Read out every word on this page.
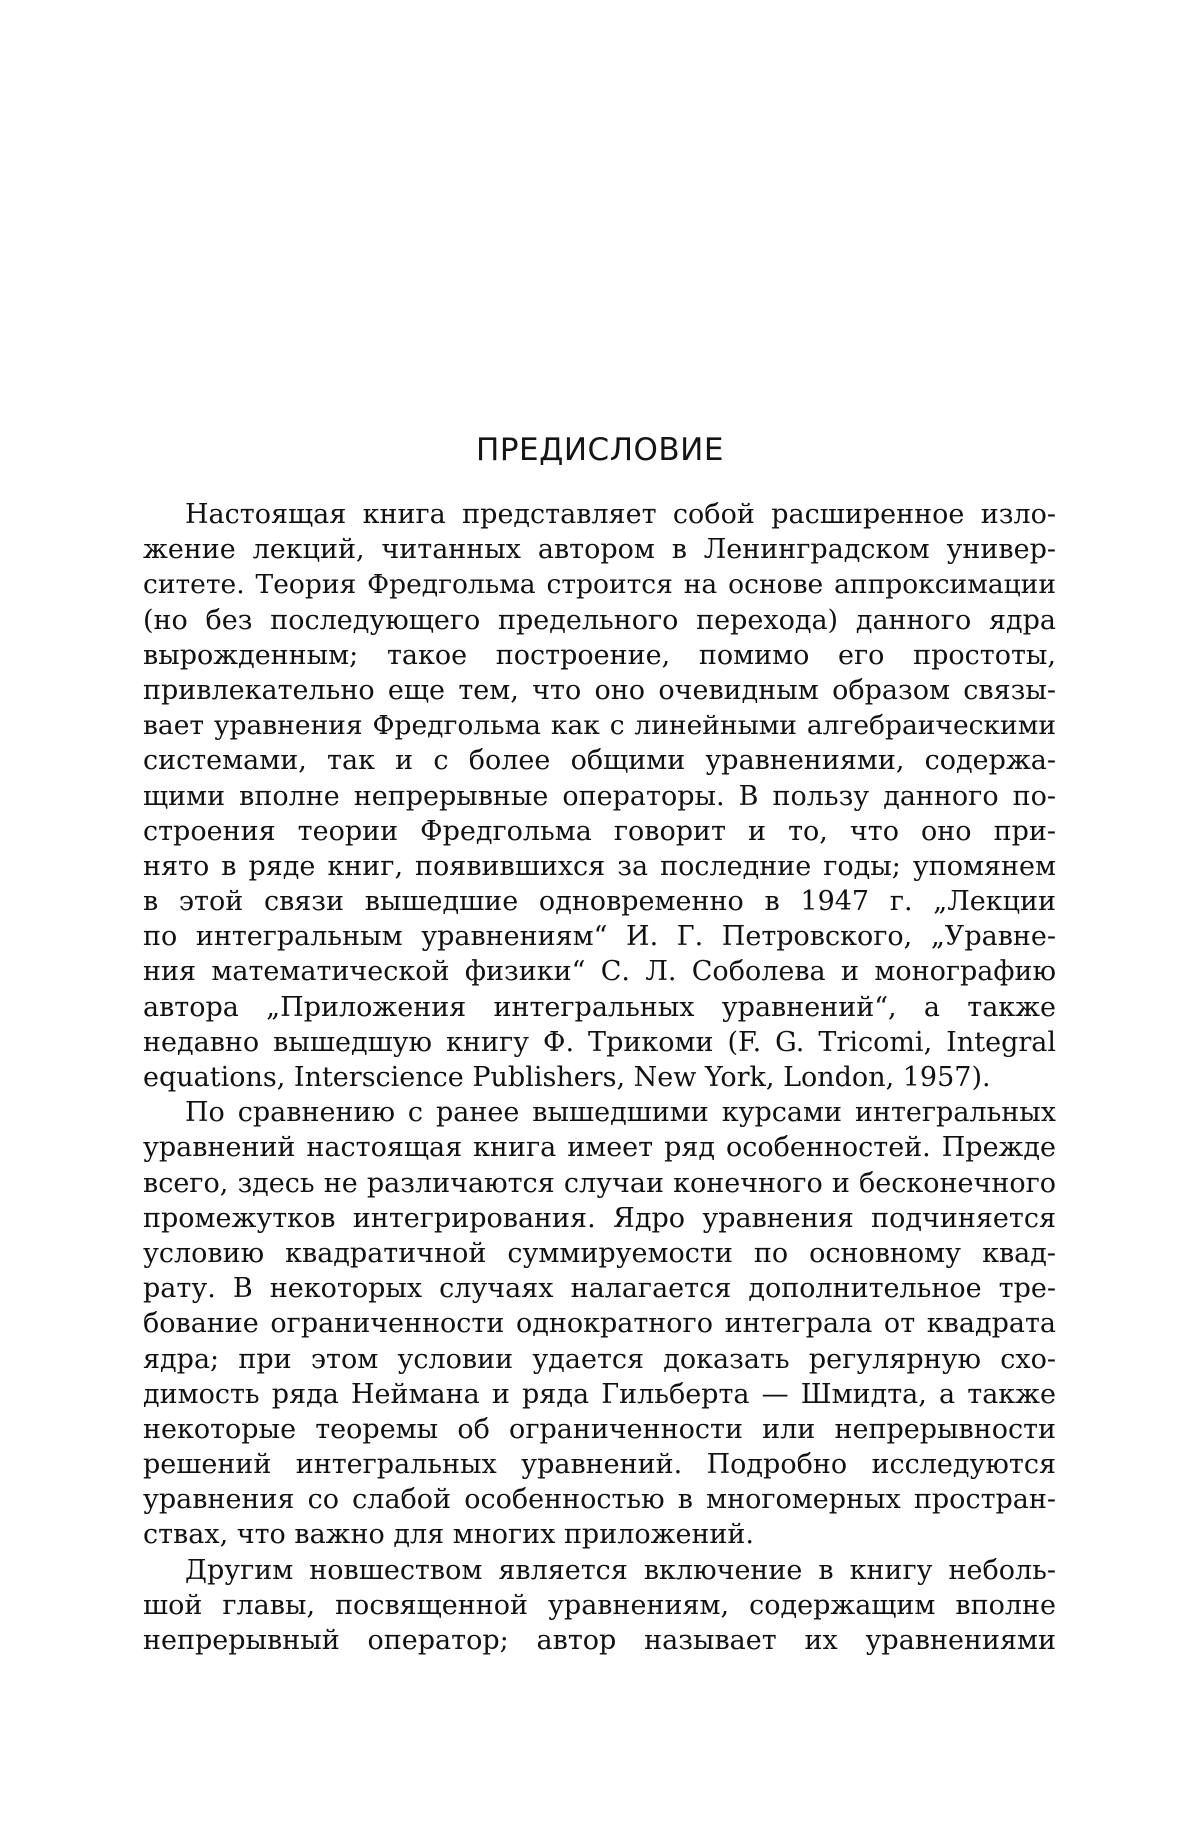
ПРЕДИСЛОВИЕ
Настоящая книга представляет собой расширенное изло-
жение лекций, читанных автором в Ленинградском универ-
ситете. Теория Фредгольма строится на основе аппроксимации
(но без последующего предельного перехода) данного ядра
вырожденным; такое построение, помимо его простоты,
привлекательно еще тем, что оно очевидным образом связы-
вает уравнения Фредгольма как с линейными алгебраическими
системами, так и с более общими уравнениями, содержа-
щими вполне непрерывные операторы. В пользу данного по-
строения теории Фредгольма говорит и то, что оно при-
нято в ряде книг, появившихся за последние годы; упомянем
в этой связи вышедшие одновременно в 1947 г. „Лекции
по интегральным уравнениям“ И. Г. Петровского, „Уравне-
ния математической физики“ С. Л. Соболева и монографию
автора „Приложения интегральных уравнений“, а также
недавно вышедшую книгу Ф. Трикоми (F. G. Tricomi, Integral
equations, Interscience Publishers, New York, London, 1957).
По сравнению с ранее вышедшими курсами интегральных
уравнений настоящая книга имеет ряд особенностей. Прежде
всего, здесь не различаются случаи конечного и бесконечного
промежутков интегрирования. Ядро уравнения подчиняется
условию квадратичной суммируемости по основному квад-
рату. В некоторых случаях налагается дополнительное тре-
бование ограниченности однократного интеграла от квадрата
ядра; при этом условии удается доказать регулярную схо-
димость ряда Неймана и ряда Гильберта — Шмидта, а также
некоторые теоремы об ограниченности или непрерывности
решений интегральных уравнений. Подробно исследуются
уравнения со слабой особенностью в многомерных простран-
ствах, что важно для многих приложений.
Другим новшеством является включение в книгу неболь-
шой главы, посвященной уравнениям, содержащим вполне
непрерывный оператор; автор называет их уравнениями
